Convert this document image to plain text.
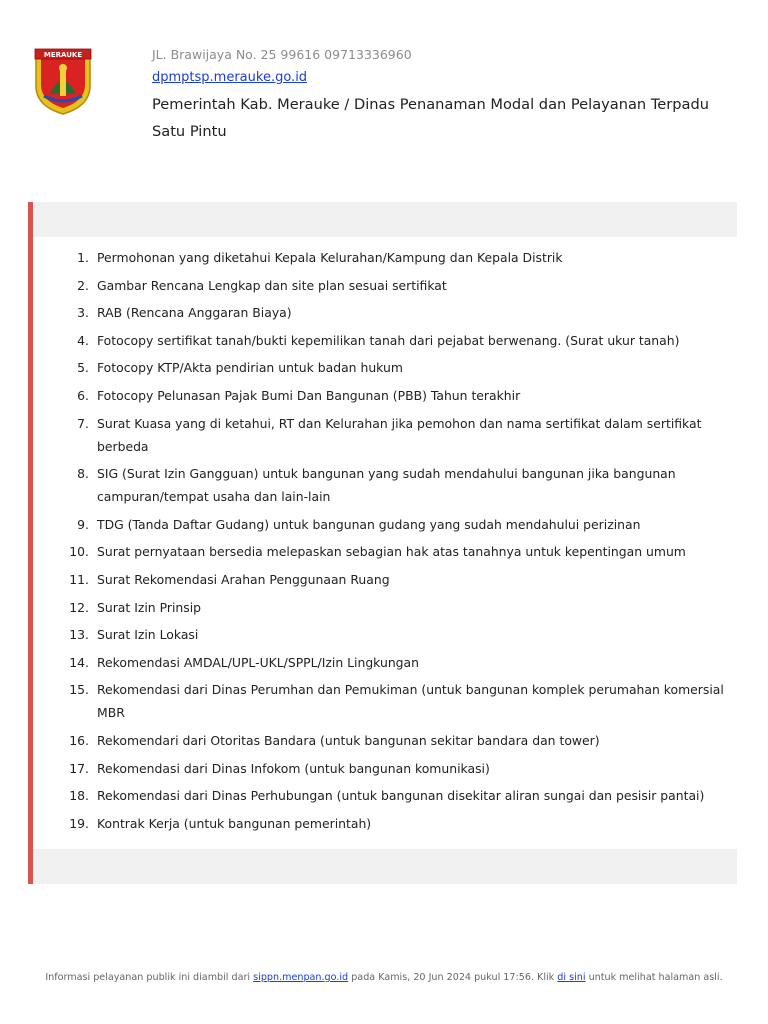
MERAUKE	JL. Brawijaya No. 25 99616 09713336960
dpmptsp.merauke.go.id
Pemerintah Kab. Merauke / Dinas Penanaman Modal dan Pelayanan Terpadu Satu Pintu
1. Permohonan yang diketahui Kepala Kelurahan/Kampung dan Kepala Distrik
2. Gambar Rencana Lengkap dan site plan sesuai sertifikat
3. RAB (Rencana Anggaran Biaya)
4. Fotocopy sertifikat tanah/bukti kepemilikan tanah dari pejabat berwenang. (Surat ukur tanah)
5. Fotocopy KTP/Akta pendirian untuk badan hukum
6. Fotocopy Pelunasan Pajak Bumi Dan Bangunan (PBB) Tahun terakhir
7. Surat Kuasa yang di ketahui, RT dan Kelurahan jika pemohon dan nama sertifikat dalam sertifikat berbeda
8. SIG (Surat Izin Gangguan) untuk bangunan yang sudah mendahului bangunan jika bangunan campuran/tempat usaha dan lain-lain
9. TDG (Tanda Daftar Gudang) untuk bangunan gudang yang sudah mendahului perizinan
10. Surat pernyataan bersedia melepaskan sebagian hak atas tanahnya untuk kepentingan umum
11. Surat Rekomendasi Arahan Penggunaan Ruang
12. Surat Izin Prinsip
13. Surat Izin Lokasi
14. Rekomendasi AMDAL/UPL-UKL/SPPL/Izin Lingkungan
15. Rekomendasi dari Dinas Perumhan dan Pemukiman (untuk bangunan komplek perumahan komersial MBR
16. Rekomendari dari Otoritas Bandara (untuk bangunan sekitar bandara dan tower)
17. Rekomendasi dari Dinas Infokom (untuk bangunan komunikasi)
18. Rekomendasi dari Dinas Perhubungan (untuk bangunan disekitar aliran sungai dan pesisir pantai)
19. Kontrak Kerja (untuk bangunan pemerintah)
Informasi pelayanan publik ini diambil dari sippn.menpan.go.id pada Kamis, 20 Jun 2024 pukul 17:56. Klik di sini untuk melihat halaman asli.
